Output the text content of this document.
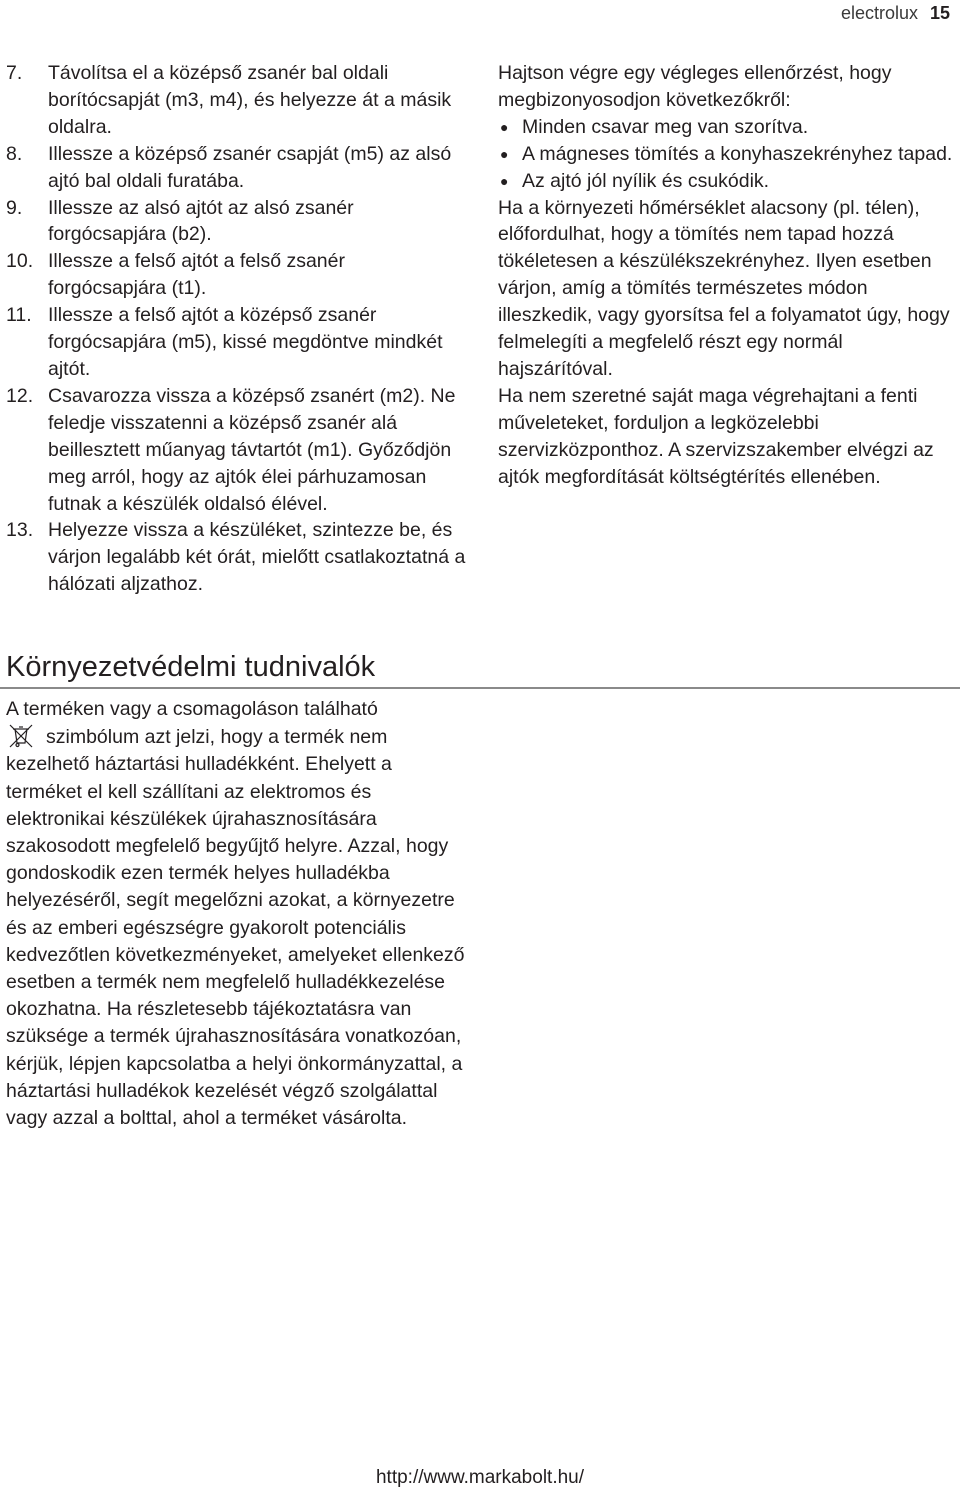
electrolux 15
7.	Távolítsa el a középső zsanér bal oldali borítócsapját (m3, m4), és helyezze át a másik oldalra.
8.	Illessze a középső zsanér csapját (m5) az alsó ajtó bal oldali furatába.
9.	Illessze az alsó ajtót az alsó zsanér forgócsapjára (b2).
10. Illessze a felső ajtót a felső zsanér forgócsapjára (t1).
11. Illessze a felső ajtót a középső zsanér forgócsapjára (m5), kissé megdöntve mindkét ajtót.
12. Csavarozza vissza a középső zsanért (m2). Ne feledje visszatenni a középső zsanér alá beillesztett műanyag távtartót (m1). Győződjön meg arról, hogy az ajtók élei párhuzamosan futnak a készülék oldalsó élével.
13. Helyezze vissza a készüléket, szintezze be, és várjon legalább két órát, mielőtt csatlakoztatná a hálózati aljzathoz.

Hajtson végre egy végleges ellenőrzést, hogy megbizonyosodjon következőkről:

● Minden csavar meg van szorítva.
● A mágneses tömítés a konyhaszekrényhez tapad.
● Az ajtó jól nyílik és csukódik.

Ha a környezeti hőmérséklet alacsony (pl. télen), előfordulhat, hogy a tömítés nem tapad hozzá tökéletesen a készülékszekrényhez. Ilyen esetben várjon, amíg a tömítés természetes módon illeszkedik, vagy gyorsítsa fel a folyamatot úgy, hogy felmelegíti a megfelelő részt egy normál hajszárítóval.

Ha nem szeretné saját maga végrehajtani a fenti műveleteket, forduljon a legközelebbi szervizközponthoz. A szervizszakember elvégzi az ajtók megfordítását költségtérítés ellenében.

Környezetvédelmi tudnivalók

A terméken vagy a csomagoláson található

szimbólum azt jelzi, hogy a termék nem kezelhető háztartási hulladékként. Ehelyett a terméket el kell szállítani az elektromos és elektronikai készülékek újrahasznosítására szakosodott megfelelő begyűjtő helyre. Azzal, hogy gondoskodik ezen termék helyes hulladékba helyezéséről, segít megelőzni azokat, a környezetre és az emberi egészségre gyakorolt potenciális kedvezőtlen következményeket, amelyeket ellenkező esetben a termék nem megfelelő hulladékkezelése okozhatna. Ha részletesebb tájékoztatásra van szüksége a termék újrahasznosítására vonatkozóan, kérjük, lépjen kapcsolatba a helyi önkormányzattal, a háztartási hulladékok kezelését végző szolgálattal vagy azzal a bolttal, ahol a terméket vásárolta.

http://www.markabolt.hu/
